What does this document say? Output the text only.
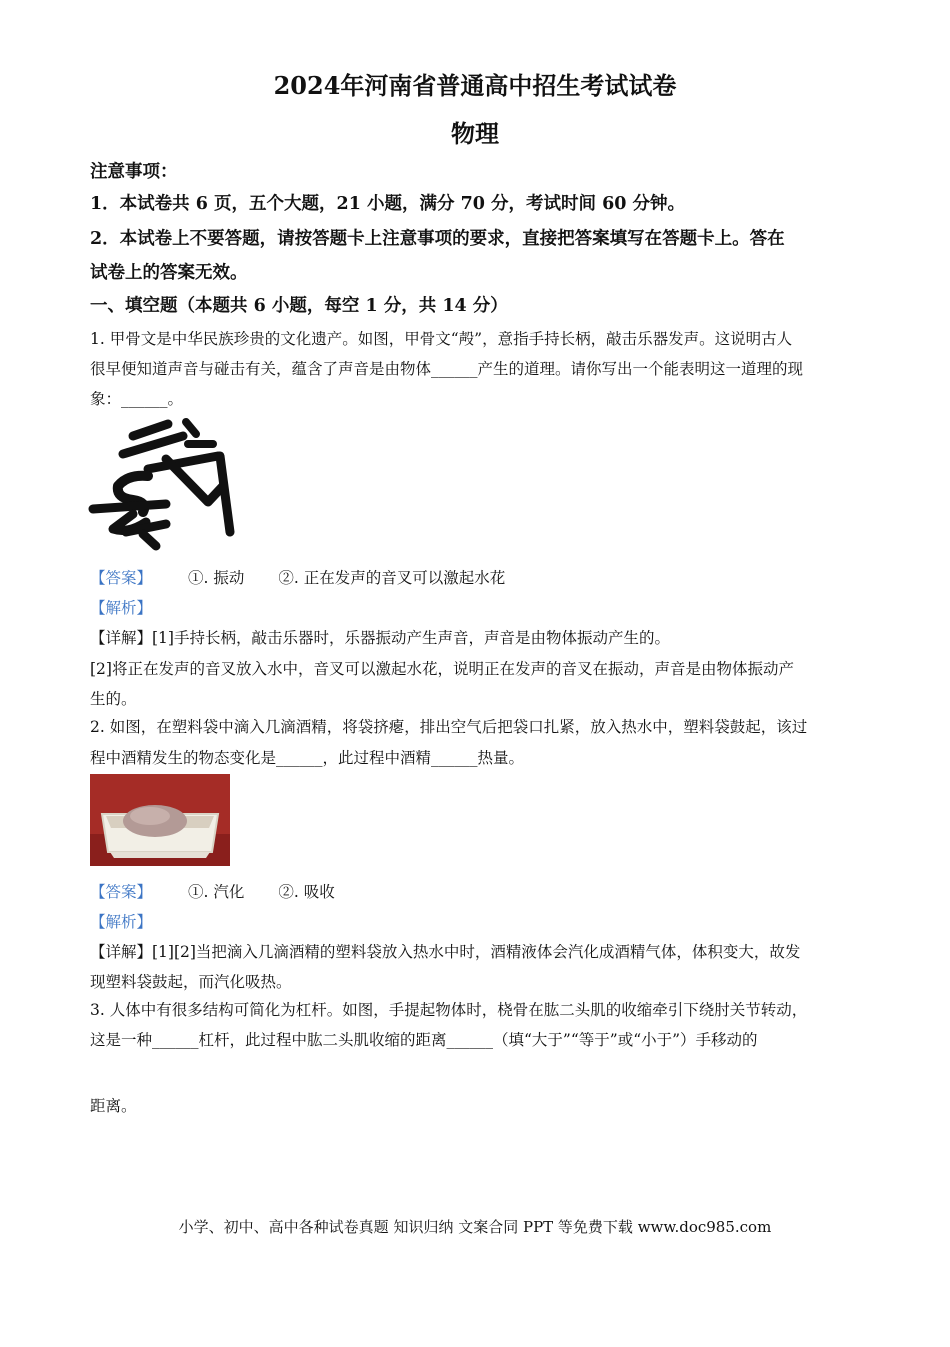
2024年河南省普通高中招生考试试卷
物理
注意事项：
1．本试卷共 6 页，五个大题，21 小题，满分 70 分，考试时间 60 分钟。
2．本试卷上不要答题，请按答题卡上注意事项的要求，直接把答案填写在答题卡上。答在
试卷上的答案无效。
一、填空题（本题共 6 小题，每空 1 分，共 14 分）
1. 甲骨文是中华民族珍贵的文化遗产。如图，甲骨文“殸”，意指手持长柄，敲击乐器发声。这说明古人
很早便知道声音与碰击有关，蕴含了声音是由物体______产生的道理。请你写出一个能表明这一道理的现
象：______。
【答案】 ①. 振动 ②. 正在发声的音叉可以激起水花
【解析】
【详解】[1]手持长柄，敲击乐器时，乐器振动产生声音，声音是由物体振动产生的。
[2]将正在发声的音叉放入水中，音叉可以激起水花，说明正在发声的音叉在振动，声音是由物体振动产
生的。
2. 如图，在塑料袋中滴入几滴酒精，将袋挤瘪，排出空气后把袋口扎紧，放入热水中，塑料袋鼓起，该过
程中酒精发生的物态变化是______，此过程中酒精______热量。
【答案】 ①. 汽化 ②. 吸收
【解析】
【详解】[1][2]当把滴入几滴酒精的塑料袋放入热水中时，酒精液体会汽化成酒精气体，体积变大，故发
现塑料袋鼓起，而汽化吸热。
3. 人体中有很多结构可简化为杠杆。如图，手提起物体时，桡骨在肱二头肌的收缩牵引下绕肘关节转动，
这是一种______杠杆，此过程中肱二头肌收缩的距离______（填“大于”“等于”或“小于”）手移动的
距离。
小学、初中、高中各种试卷真题 知识归纳 文案合同 PPT 等免费下载 www.doc985.com
